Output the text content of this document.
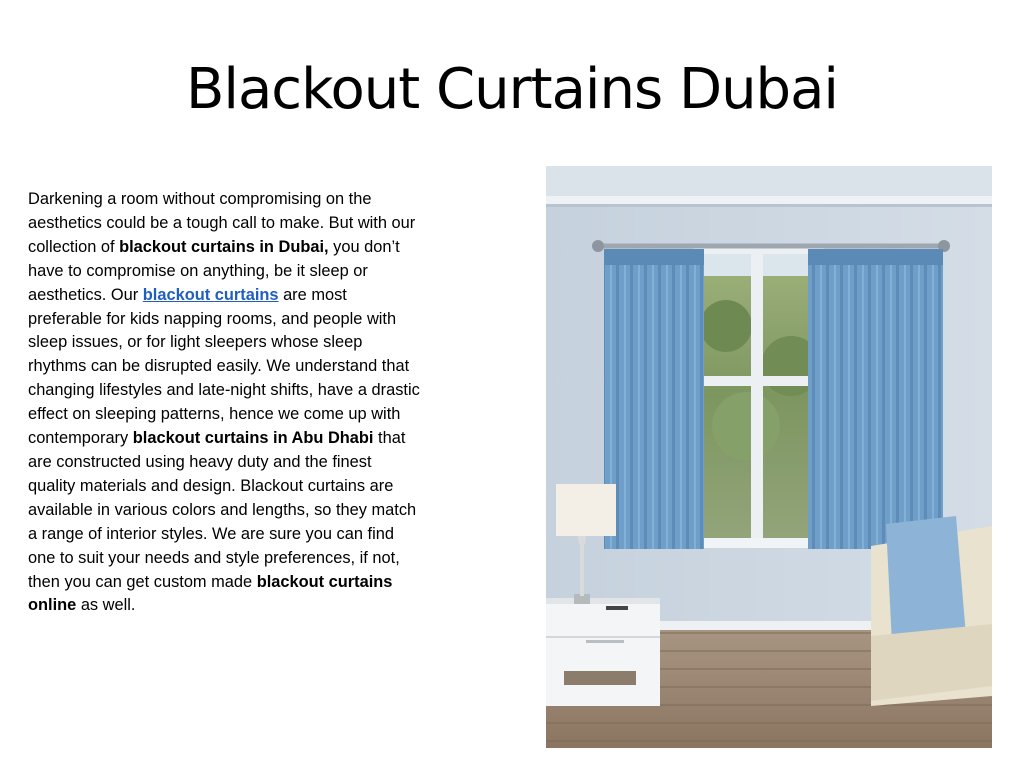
Blackout Curtains Dubai

Darkening a room without compromising on the aesthetics could be a tough call to make. But with our collection of blackout curtains in Dubai, you don’t have to compromise on anything, be it sleep or aesthetics. Our blackout curtains are most preferable for kids napping rooms, and people with sleep issues, or for light sleepers whose sleep rhythms can be disrupted easily. We understand that changing lifestyles and late-night shifts, have a drastic effect on sleeping patterns, hence we come up with contemporary blackout curtains in Abu Dhabi that are constructed using heavy duty and the finest quality materials and design. Blackout curtains are available in various colors and lengths, so they match a range of interior styles. We are sure you can find one to suit your needs and style preferences, if not, then you can get custom made blackout curtains online as well.
